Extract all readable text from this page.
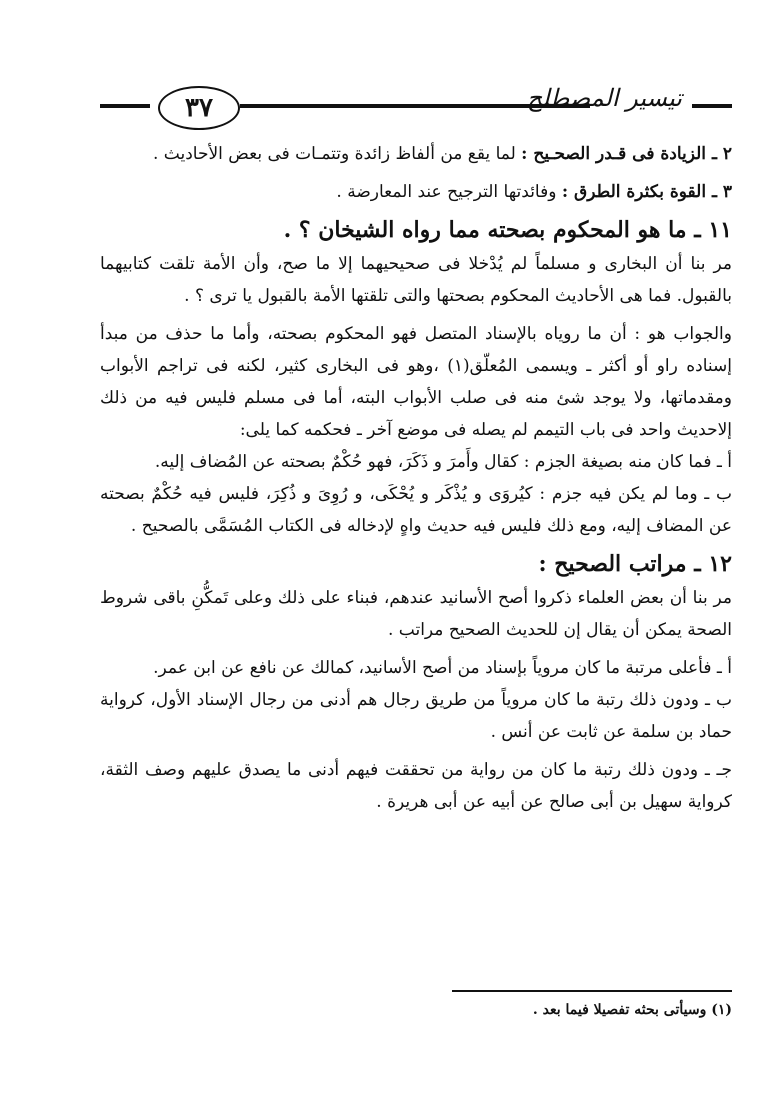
٣٧	تيسير المصطلح

٢ ـ الزيادة فى قـدر الصحـيح : لما يقع من ألفاظ زائدة وتتمـات فى بعض الأحاديث .

٣ ـ القوة بكثرة الطرق : وفائدتها الترجيح عند المعارضة .

١١ ـ ما هو المحكوم بصحته مما رواه الشيخان ؟ .

مر بنا أن البخارى و مسلماً لم يُدْخلا فى صحيحيهما إلا ما صح، وأن الأمة تلقت كتابيهما بالقبول. فما هى الأحاديث المحكوم بصحتها والتى تلقتها الأمة بالقبول يا ترى ؟ .

والجواب هو : أن ما روياه بالإسناد المتصل فهو المحكوم بصحته، وأما ما حذف من مبدأ إسناده راو أو أكثر ـ ويسمى المُعلّق(١) ،وهو فى البخارى كثير، لكنه فى تراجم الأبواب ومقدماتها، ولا يوجد شئ منه فى صلب الأبواب البته، أما فى مسلم فليس فيه من ذلك إلاحديث واحد فى باب التيمم لم يصله فى موضع آخر ـ فحكمه كما يلى:

أ ـ فما كان منه بصيغة الجزم : كقال وأَمرَ و ذَكَرَ، فهو حُكْمٌ بصحته عن المُضاف إليه.

ب ـ وما لم يكن فيه جزم : كيُروَى و يُذْكَر و يُحْكَى، و رُوِىَ و ذُكِرَ، فليس فيه حُكْمٌ بصحته عن المضاف إليه، ومع ذلك فليس فيه حديث واهٍ لإدخاله فى الكتاب المُسَمَّى بالصحيح .

١٢ ـ مراتب الصحيح :

مر بنا أن بعض العلماء ذكروا أصح الأسانيد عندهم، فبناء على ذلك وعلى تَمكُّنِ باقى شروط الصحة يمكن أن يقال إن للحديث الصحيح مراتب .

أ ـ فأعلى مرتبة ما كان مروياً بإسناد من أصح الأسانيد، كمالك عن نافع عن ابن عمر.

ب ـ ودون ذلك رتبة ما كان مروياً من طريق رجال هم أدنى من رجال الإسناد الأول، كرواية حماد بن سلمة عن ثابت عن أنس .

جـ ـ ودون ذلك رتبة ما كان من رواية من تحققت فيهم أدنى ما يصدق عليهم وصف الثقة، كرواية سهيل بن أبى صالح عن أبيه عن أبى هريرة .

(١) وسيأتى بحثه تفصيلا فيما بعد .
